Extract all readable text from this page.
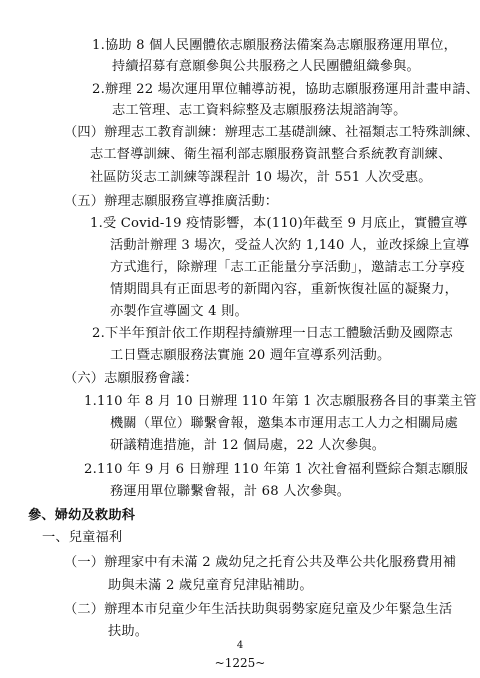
1.協助 8 個人民團體依志願服務法備案為志願服務運用單位，
持續招募有意願參與公共服務之人民團體組織參與。
2.辦理 22 場次運用單位輔導訪視，協助志願服務運用計畫申請、
志工管理、志工資料綜整及志願服務法規諮詢等。
（四）辦理志工教育訓練：辦理志工基礎訓練、社福類志工特殊訓練、
志工督導訓練、衛生福利部志願服務資訊整合系統教育訓練、
社區防災志工訓練等課程計 10 場次，計 551 人次受惠。
（五）辦理志願服務宣導推廣活動：
1.受 Covid-19 疫情影響，本(110)年截至 9 月底止，實體宣導
活動計辦理 3 場次，受益人次約 1,140 人，並改採線上宣導
方式進行，除辦理「志工正能量分享活動」，邀請志工分享疫
情期間具有正面思考的新聞內容，重新恢復社區的凝聚力，
亦製作宣導圖文 4 則。
2.下半年預計依工作期程持續辦理一日志工體驗活動及國際志
工日暨志願服務法實施 20 週年宣導系列活動。
（六）志願服務會議：
1.110 年 8 月 10 日辦理 110 年第 1 次志願服務各目的事業主管
機關（單位）聯繫會報，邀集本市運用志工人力之相關局處
研議精進措施，計 12 個局處，22 人次參與。
2.110 年 9 月 6 日辦理 110 年第 1 次社會福利暨綜合類志願服
務運用單位聯繫會報，計 68 人次參與。
參、婦幼及救助科
一、兒童福利
（一）辦理家中有未滿 2 歲幼兒之托育公共及準公共化服務費用補
助與未滿 2 歲兒童育兒津貼補助。
（二）辦理本市兒童少年生活扶助與弱勢家庭兒童及少年緊急生活
扶助。
4
~1225~
